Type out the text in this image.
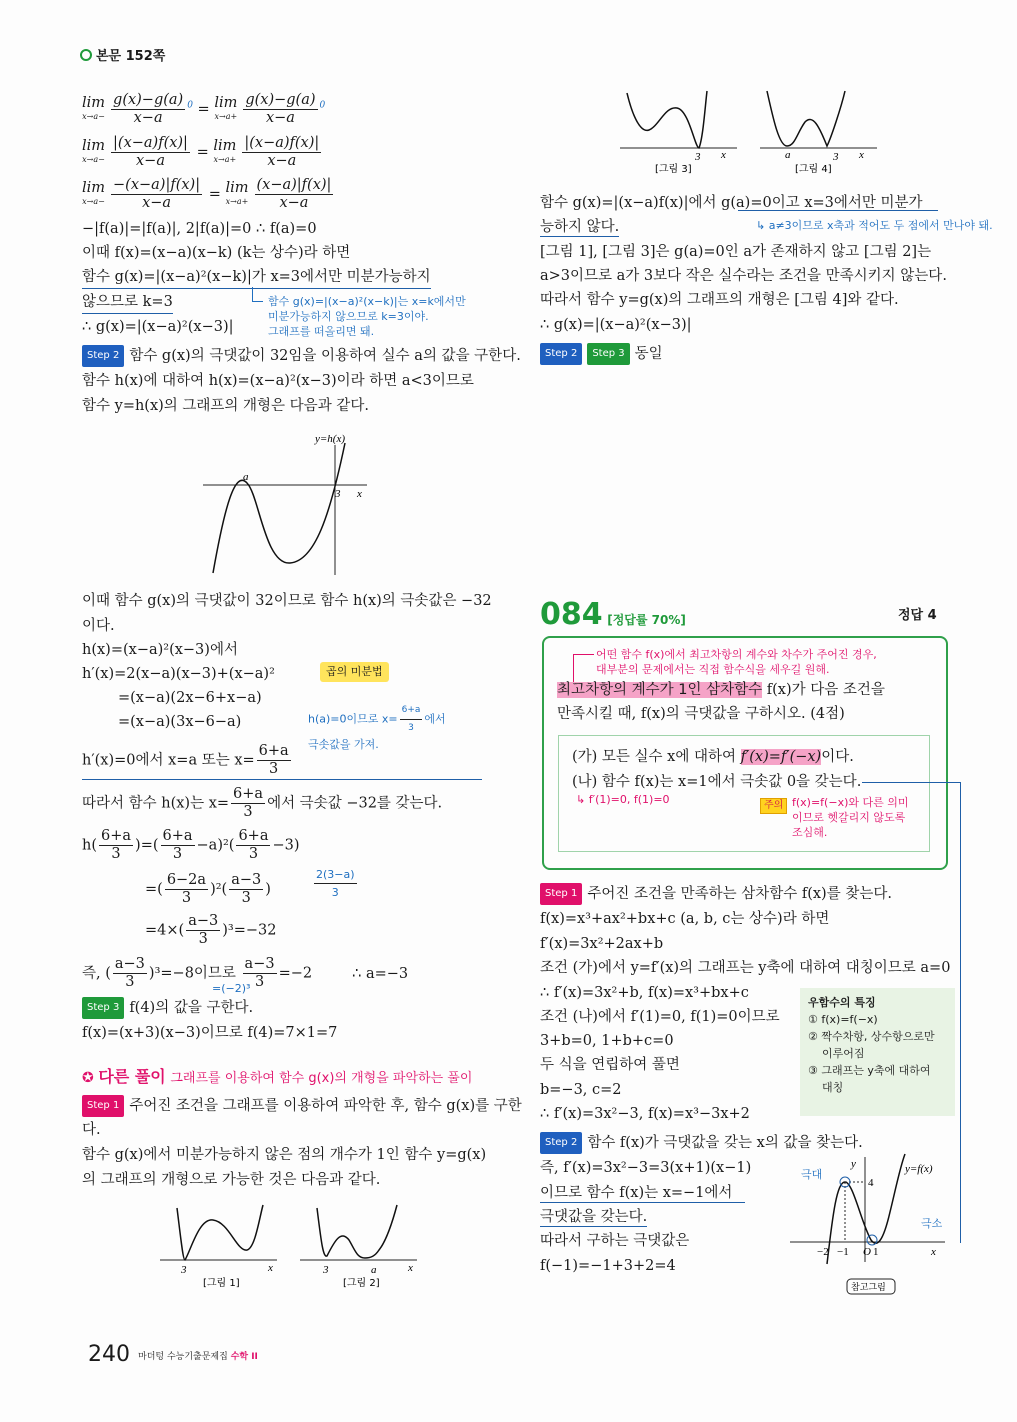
본문 152쪽
lim
$x\to a- \frac{g(x)-g(a)}{x-a} ^0 = \lim$
$x\to a+ \frac{g(x)-g(a)}{x-a} ^0$
lim
$x\to a- \frac{|(x-a)f(x)|}{x-a} = \lim$
$x\to a+ \frac{|(x-a)f(x)|}{x-a}$
lim
$x\to a- \frac{-(x-a)|f(x)|}{x-a} = \lim$
$x\to a+ \frac{(x-a)|f(x)|}{x-a}$
−|f(a)|=|f(a)|, 2|f(a)|=0 ∴ f(a)=0
이때 f(x)=(x−a)(x−k) (k는 상수)라 하면
함수 g(x)=|(x−a)²(x−k)|가 x=3에서만 미분가능하지
않으므로 k=3
∴ g(x)=|(x−a)²(x−3)|
함수 g(x)=|(x−a)²(x−k)|는 x=k에서만
미분가능하지 않으므로 k=3이야.
그래프를 떠올리면 돼.
Step 2 함수 g(x)의 극댓값이 32임을 이용하여 실수 a의 값을 구한다.
함수 h(x)에 대하여 h(x)=(x−a)²(x−3)이라 하면 a<3이므로
함수 y=h(x)의 그래프의 개형은 다음과 같다.
y=h(x)
a
3 x
이때 함수 g(x)의 극댓값이 32이므로 함수 h(x)의 극솟값은 −32
이다.
h(x)=(x−a)²(x−3)에서
h′(x)=2(x−a)(x−3)+(x−a)²	곱의 미분법
=(x−a)(2x−6+x−a)
=(x−a)(3x−6−a)	h(a)=0이므로 $x= \frac{6+a}{3}$ 에서
극솟값을 가져.
h′(x)=0에서 x=a 또는 $x= \frac{6+a}{3}$
따라서 함수 h(x)는 $x= \frac{6+a}{3}$ 에서 극솟값 −32를 갖는다.
$h( \frac{6+a}{3}$ )=( $\frac{6+a}{3} -a)^2( \frac{6+a}{3} -3)$
=( $\frac{6-2a}{3} )^2( \frac{a-3}{3}$ )	$\frac{2(3-a)}{3}$
$=4\times( \frac{a-3}{3} )^3=-32$
즉, ( $\frac{a-3}{3} )^3=-8$이므로 $\frac{a-3}{3} =-2$	∴ a=−3
=(−2)³
Step 3 f(4)의 값을 구한다.
f(x)=(x+3)(x−3)이므로 f(4)=7×1=7
✪ 다른 풀이 그래프를 이용하여 함수 g(x)의 개형을 파악하는 풀이
Step 1 주어진 조건을 그래프를 이용하여 파악한 후, 함수 g(x)를 구한
다.
함수 g(x)에서 미분가능하지 않은 점의 개수가 1인 함수 y=g(x)
의 그래프의 개형으로 가능한 것은 다음과 같다.
3	x
[그림 1]
3	a	x
[그림 2]
3 x
[그림 3]
a	3 x
[그림 4]
함수 g(x)=|(x−a)f(x)|에서 g(a)=0이고 x=3에서만 미분가
능하지 않다.	↳ a≠3이므로 x축과 적어도 두 점에서 만나야 돼.
[그림 1], [그림 3]은 g(a)=0인 a가 존재하지 않고 [그림 2]는
a>3이므로 a가 3보다 작은 실수라는 조건을 만족시키지 않는다.
따라서 함수 y=g(x)의 그래프의 개형은 [그림 4]와 같다.
∴ g(x)=|(x−a)²(x−3)|
Step 2 Step 3 동일
084 [정답률 70%]	정답 4
어떤 함수 f(x)에서 최고차항의 계수와 차수가 주어진 경우,
대부분의 문제에서는 직접 함수식을 세우길 원해.
최고차항의 계수가 1인 삼차함수 f(x)가 다음 조건을
만족시킬 때, f(x)의 극댓값을 구하시오. (4점)
(가) 모든 실수 x에 대하여 f′(x)=f′(−x)이다.
(나) 함수 f(x)는 x=1에서 극솟값 0을 갖는다.
↳ f′(1)=0, f(1)=0	주의 f(x)=f(−x)와 다른 의미
이므로 헷갈리지 않도록
조심해.
Step 1 주어진 조건을 만족하는 삼차함수 f(x)를 찾는다.
f(x)=x³+ax²+bx+c (a, b, c는 상수)라 하면
f′(x)=3x²+2ax+b
조건 (가)에서 y=f′(x)의 그래프는 y축에 대하여 대칭이므로 a=0
∴ f′(x)=3x²+b, f(x)=x³+bx+c
조건 (나)에서 f′(1)=0, f(1)=0이므로
3+b=0, 1+b+c=0
두 식을 연립하여 풀면
b=−3, c=2
∴ f′(x)=3x²−3, f(x)=x³−3x+2
우함수의 특징
① f(x)=f(−x)
② 짝수차항, 상수항으로만
이루어짐
③ 그래프는 y축에 대하여
대칭
Step 2 함수 f(x)가 극댓값을 갖는 x의 값을 찾는다.
즉, f′(x)=3x²−3=3(x+1)(x−1)
이므로 함수 f(x)는 x=−1에서
극댓값을 갖는다.
따라서 구하는 극댓값은
f(−1)=−1+3+2=4
극대
극소
y	y=f(x)
4
−2 −1 O 1	x
참고그림
240 마더텅 수능기출문제집 수학 II
